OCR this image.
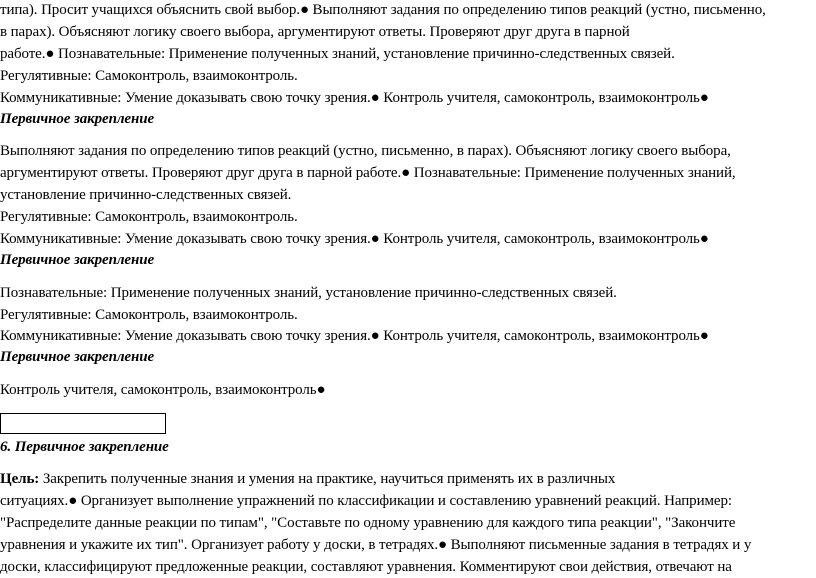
типа). Просит учащихся объяснить свой выбор.● Выполняют задания по определению типов реакций (устно, письменно,
в парах). Объясняют логику своего выбора, аргументируют ответы. Проверяют друг друга в парной
работе.● Познавательные: Применение полученных знаний, установление причинно-следственных связей.
Регулятивные: Самоконтроль, взаимоконтроль.
Коммуникативные: Умение доказывать свою точку зрения.● Контроль учителя, самоконтроль, взаимоконтроль●
Первичное закрепление
Выполняют задания по определению типов реакций (устно, письменно, в парах). Объясняют логику своего выбора,
аргументируют ответы. Проверяют друг друга в парной работе.● Познавательные: Применение полученных знаний,
установление причинно-следственных связей.
Регулятивные: Самоконтроль, взаимоконтроль.
Коммуникативные: Умение доказывать свою точку зрения.● Контроль учителя, самоконтроль, взаимоконтроль●
Первичное закрепление
Познавательные: Применение полученных знаний, установление причинно-следственных связей.
Регулятивные: Самоконтроль, взаимоконтроль.
Коммуникативные: Умение доказывать свою точку зрения.● Контроль учителя, самоконтроль, взаимоконтроль●
Первичное закрепление
Контроль учителя, самоконтроль, взаимоконтроль●
6. Первичное закрепление
Цель: Закрепить полученные знания и умения на практике, научиться применять их в различных
ситуациях.● Организует выполнение упражнений по классификации и составлению уравнений реакций. Например:
"Распределите данные реакции по типам", "Составьте по одному уравнению для каждого типа реакции", "Закончите
уравнения и укажите их тип". Организует работу у доски, в тетрадях.● Выполняют письменные задания в тетрадях и у
доски, классифицируют предложенные реакции, составляют уравнения. Комментируют свои действия, отвечают на
